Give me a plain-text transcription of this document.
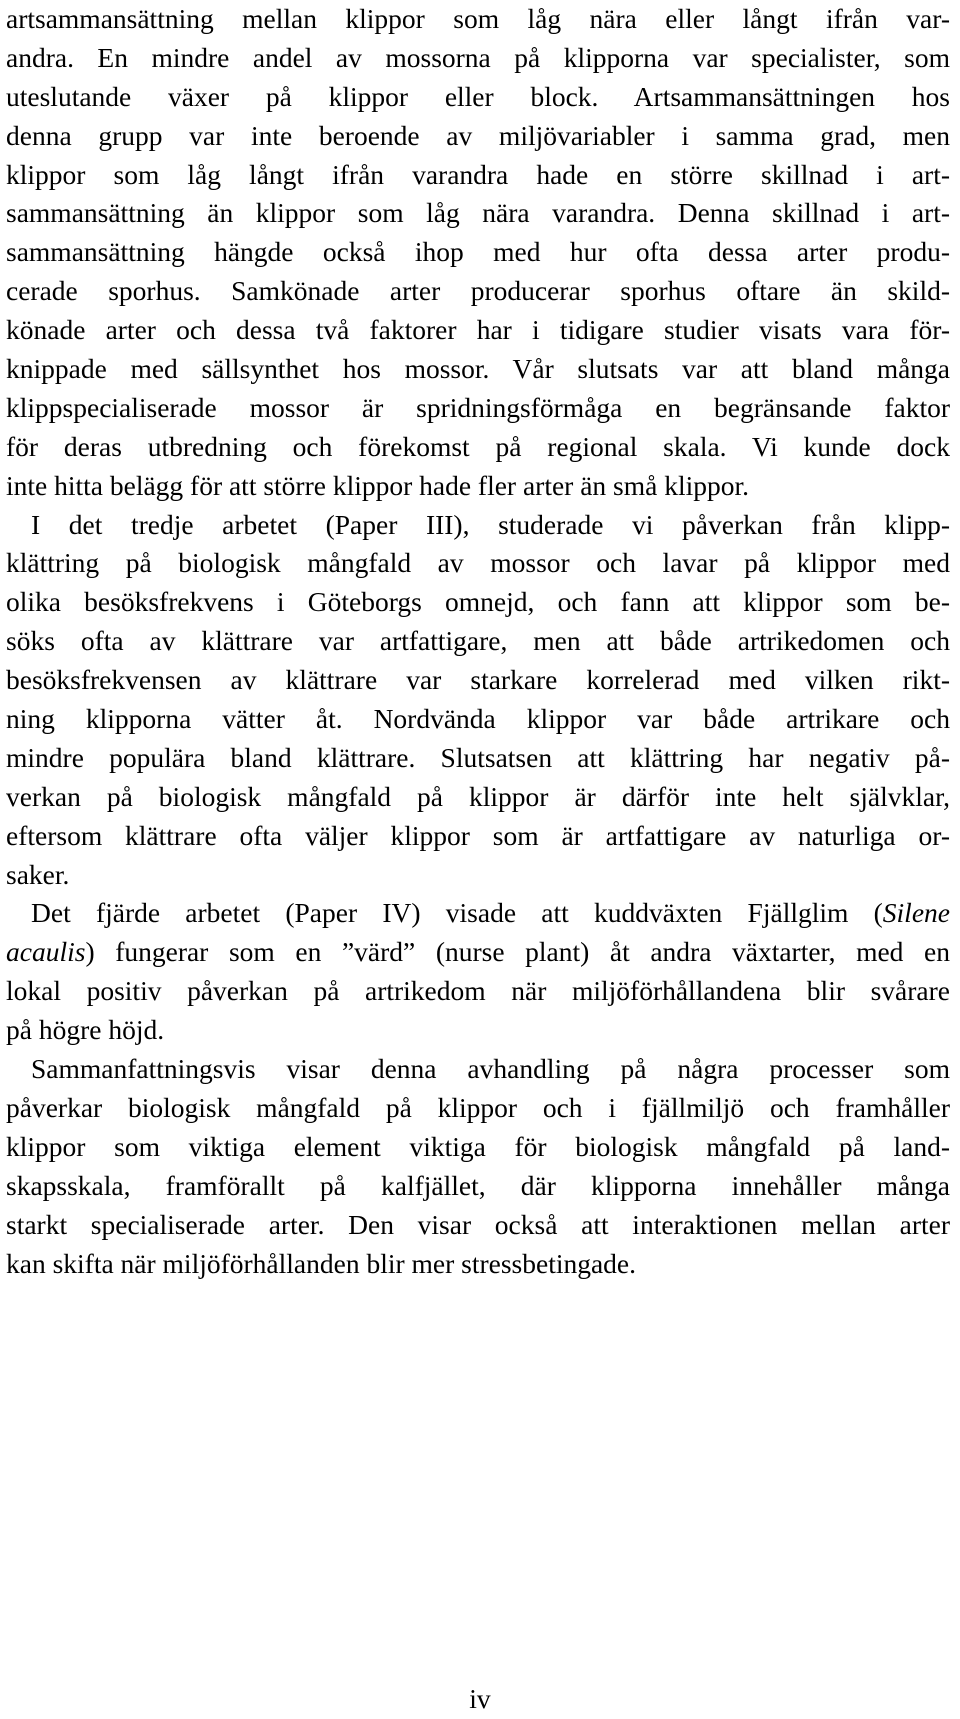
artsammansättning mellan klippor som låg nära eller långt ifrån var-
andra. En mindre andel av mossorna på klipporna var specialister, som
uteslutande växer på klippor eller block. Artsammansättningen hos
denna grupp var inte beroende av miljövariabler i samma grad, men
klippor som låg långt ifrån varandra hade en större skillnad i art-
sammansättning än klippor som låg nära varandra. Denna skillnad i art-
sammansättning hängde också ihop med hur ofta dessa arter produ-
cerade sporhus. Samkönade arter producerar sporhus oftare än skild-
könade arter och dessa två faktorer har i tidigare studier visats vara för-
knippade med sällsynthet hos mossor. Vår slutsats var att bland många
klippspecialiserade mossor är spridningsförmåga en begränsande faktor
för deras utbredning och förekomst på regional skala. Vi kunde dock
inte hitta belägg för att större klippor hade fler arter än små klippor.
I det tredje arbetet (Paper III), studerade vi påverkan från klipp-
klättring på biologisk mångfald av mossor och lavar på klippor med
olika besöksfrekvens i Göteborgs omnejd, och fann att klippor som be-
söks ofta av klättrare var artfattigare, men att både artrikedomen och
besöksfrekvensen av klättrare var starkare korrelerad med vilken rikt-
ning klipporna vätter åt. Nordvända klippor var både artrikare och
mindre populära bland klättrare. Slutsatsen att klättring har negativ på-
verkan på biologisk mångfald på klippor är därför inte helt självklar,
eftersom klättrare ofta väljer klippor som är artfattigare av naturliga or-
saker.
Det fjärde arbetet (Paper IV) visade att kuddväxten Fjällglim (Silene
acaulis) fungerar som en ”värd” (nurse plant) åt andra växtarter, med en
lokal positiv påverkan på artrikedom när miljöförhållandena blir svårare
på högre höjd.
Sammanfattningsvis visar denna avhandling på några processer som
påverkar biologisk mångfald på klippor och i fjällmiljö och framhåller
klippor som viktiga element viktiga för biologisk mångfald på land-
skapsskala, framförallt på kalfjället, där klipporna innehåller många
starkt specialiserade arter. Den visar också att interaktionen mellan arter
kan skifta när miljöförhållanden blir mer stressbetingade.
iv
